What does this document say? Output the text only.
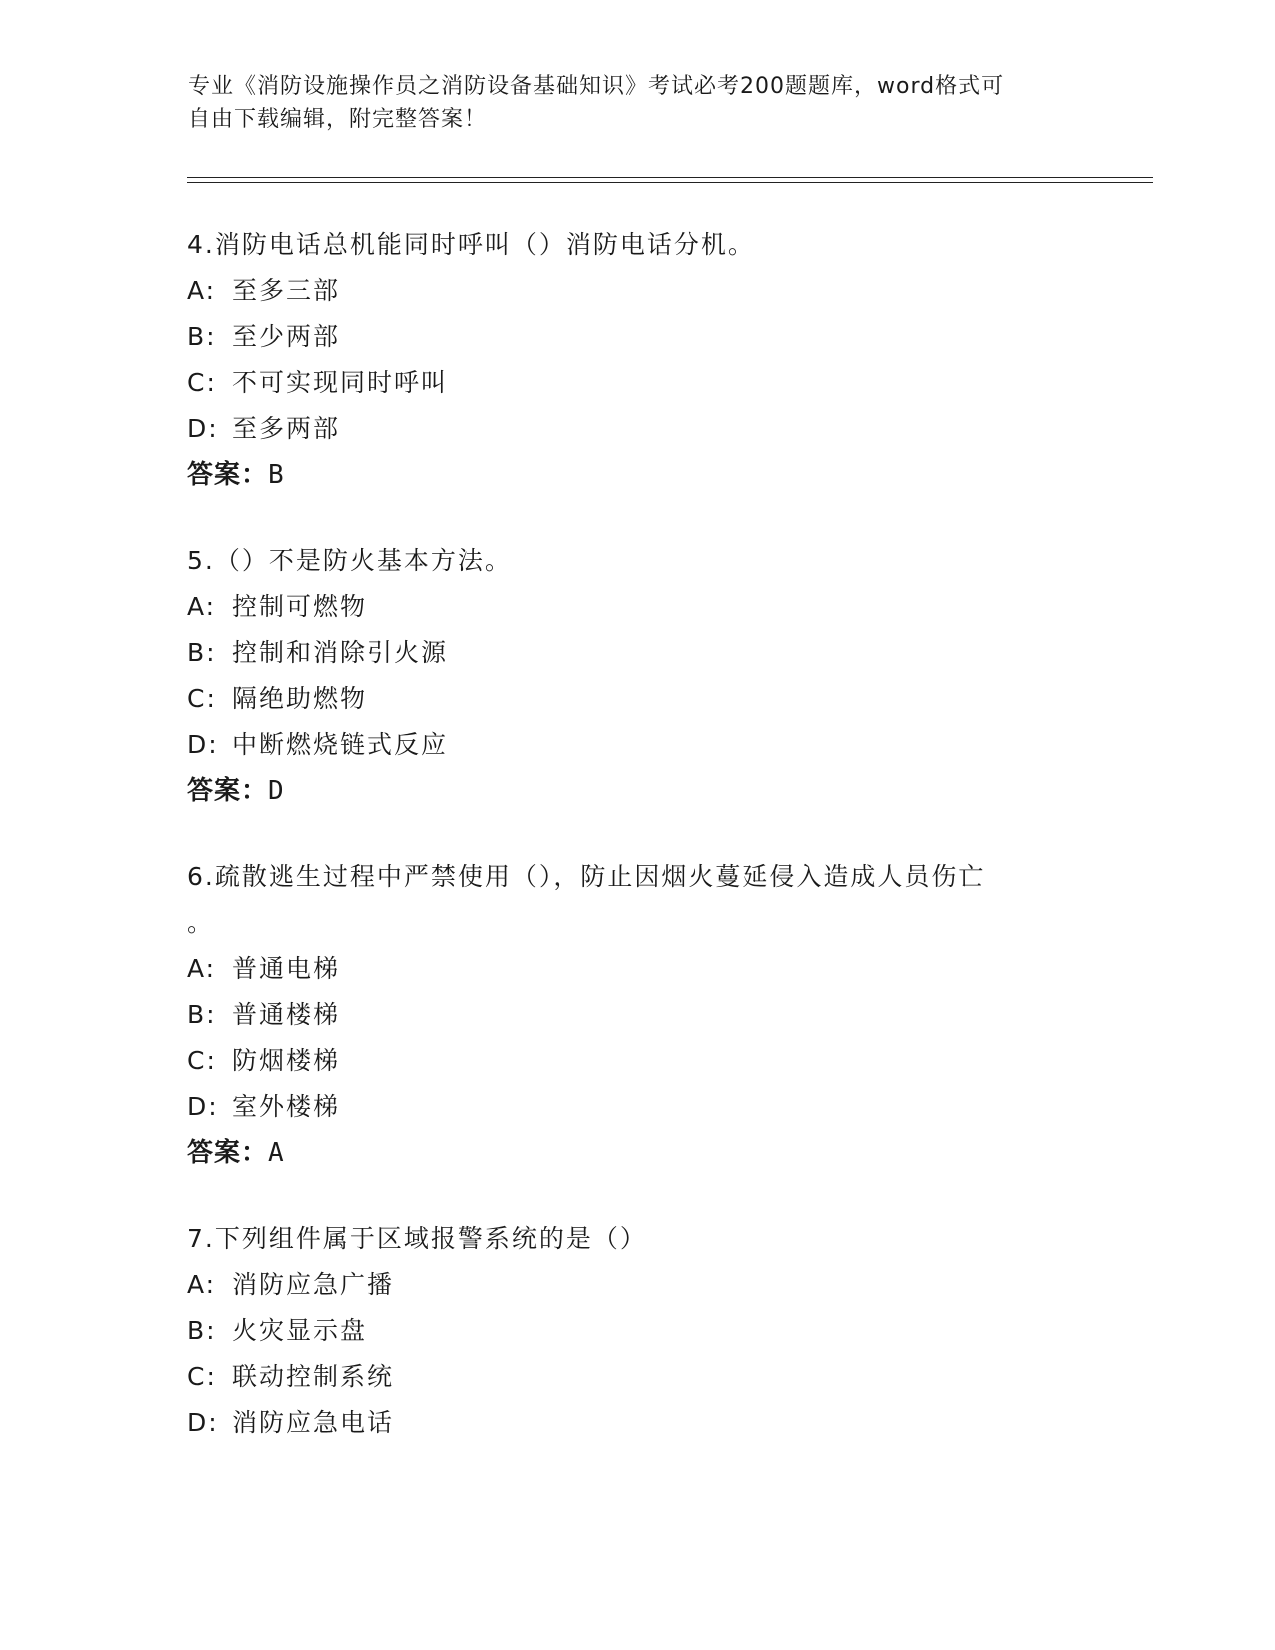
专业《消防设施操作员之消防设备基础知识》考试必考200题题库，word格式可
自由下载编辑，附完整答案！

4.消防电话总机能同时呼叫（）消防电话分机。

A: 至多三部
B: 至少两部
C: 不可实现同时呼叫
D: 至多两部
答案：B

5.（）不是防火基本方法。

A: 控制可燃物
B: 控制和消除引火源
C: 隔绝助燃物
D: 中断燃烧链式反应
答案：D

6.疏散逃生过程中严禁使用（），防止因烟火蔓延侵入造成人员伤亡

。

A: 普通电梯
B: 普通楼梯
C: 防烟楼梯
D: 室外楼梯
答案：A

7.下列组件属于区域报警系统的是（）

A: 消防应急广播
B: 火灾显示盘
C: 联动控制系统
D: 消防应急电话
